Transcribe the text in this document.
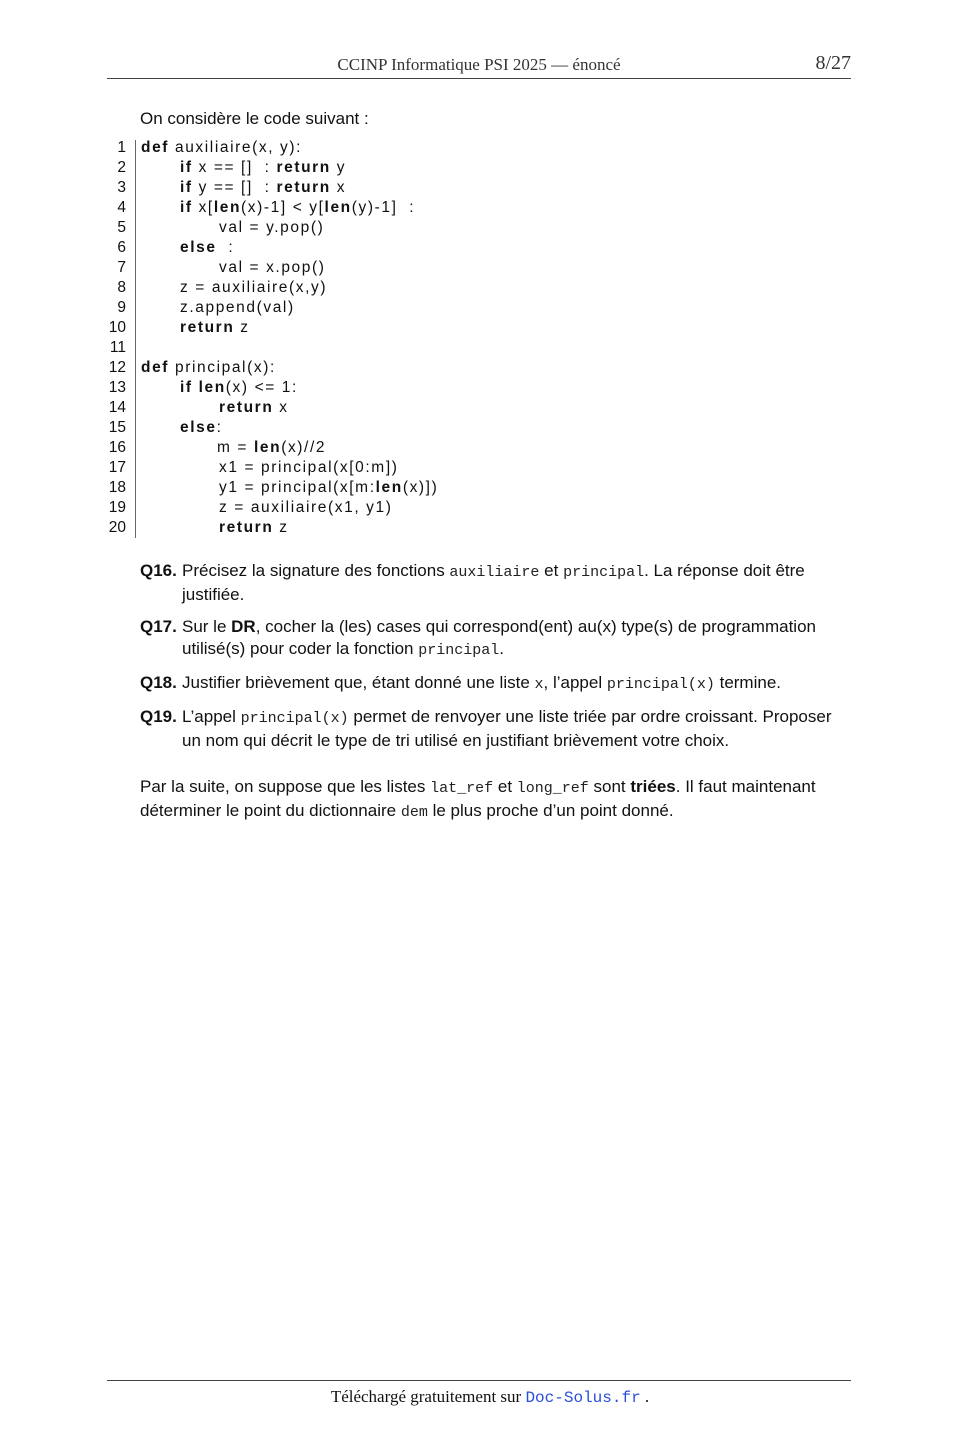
CCINP Informatique PSI 2025 — énoncé	8/27
On considère le code suivant :
1 def auxiliaire(x, y):
2	if x == []  : return y
3	if y == []  : return x
4	if x[len(x)-1] < y[len(y)-1]  :
5	val = y.pop()
6	else  :
7	val = x.pop()
8	z = auxiliaire(x,y)
9	z.append(val)
10	return z
11
12 def principal(x):
13	if len(x) <= 1:
14	return x
15	else:
16	m = len(x)//2
17	x1 = principal(x[0:m])
18	y1 = principal(x[m:len(x)])
19	z = auxiliaire(x1, y1)
20	return z
Q16. Précisez la signature des fonctions auxiliaire et principal. La réponse doit être justifiée.
Q17. Sur le DR, cocher la (les) cases qui correspond(ent) au(x) type(s) de programmation utilisé(s) pour coder la fonction principal.
Q18. Justifier brièvement que, étant donné une liste x, l’appel principal(x) termine.
Q19. L’appel principal(x) permet de renvoyer une liste triée par ordre croissant. Proposer un nom qui décrit le type de tri utilisé en justifiant brièvement votre choix.
Par la suite, on suppose que les listes lat_ref et long_ref sont triées. Il faut maintenant déterminer le point du dictionnaire dem le plus proche d’un point donné.
Téléchargé gratuitement sur Doc-Solus.fr .
